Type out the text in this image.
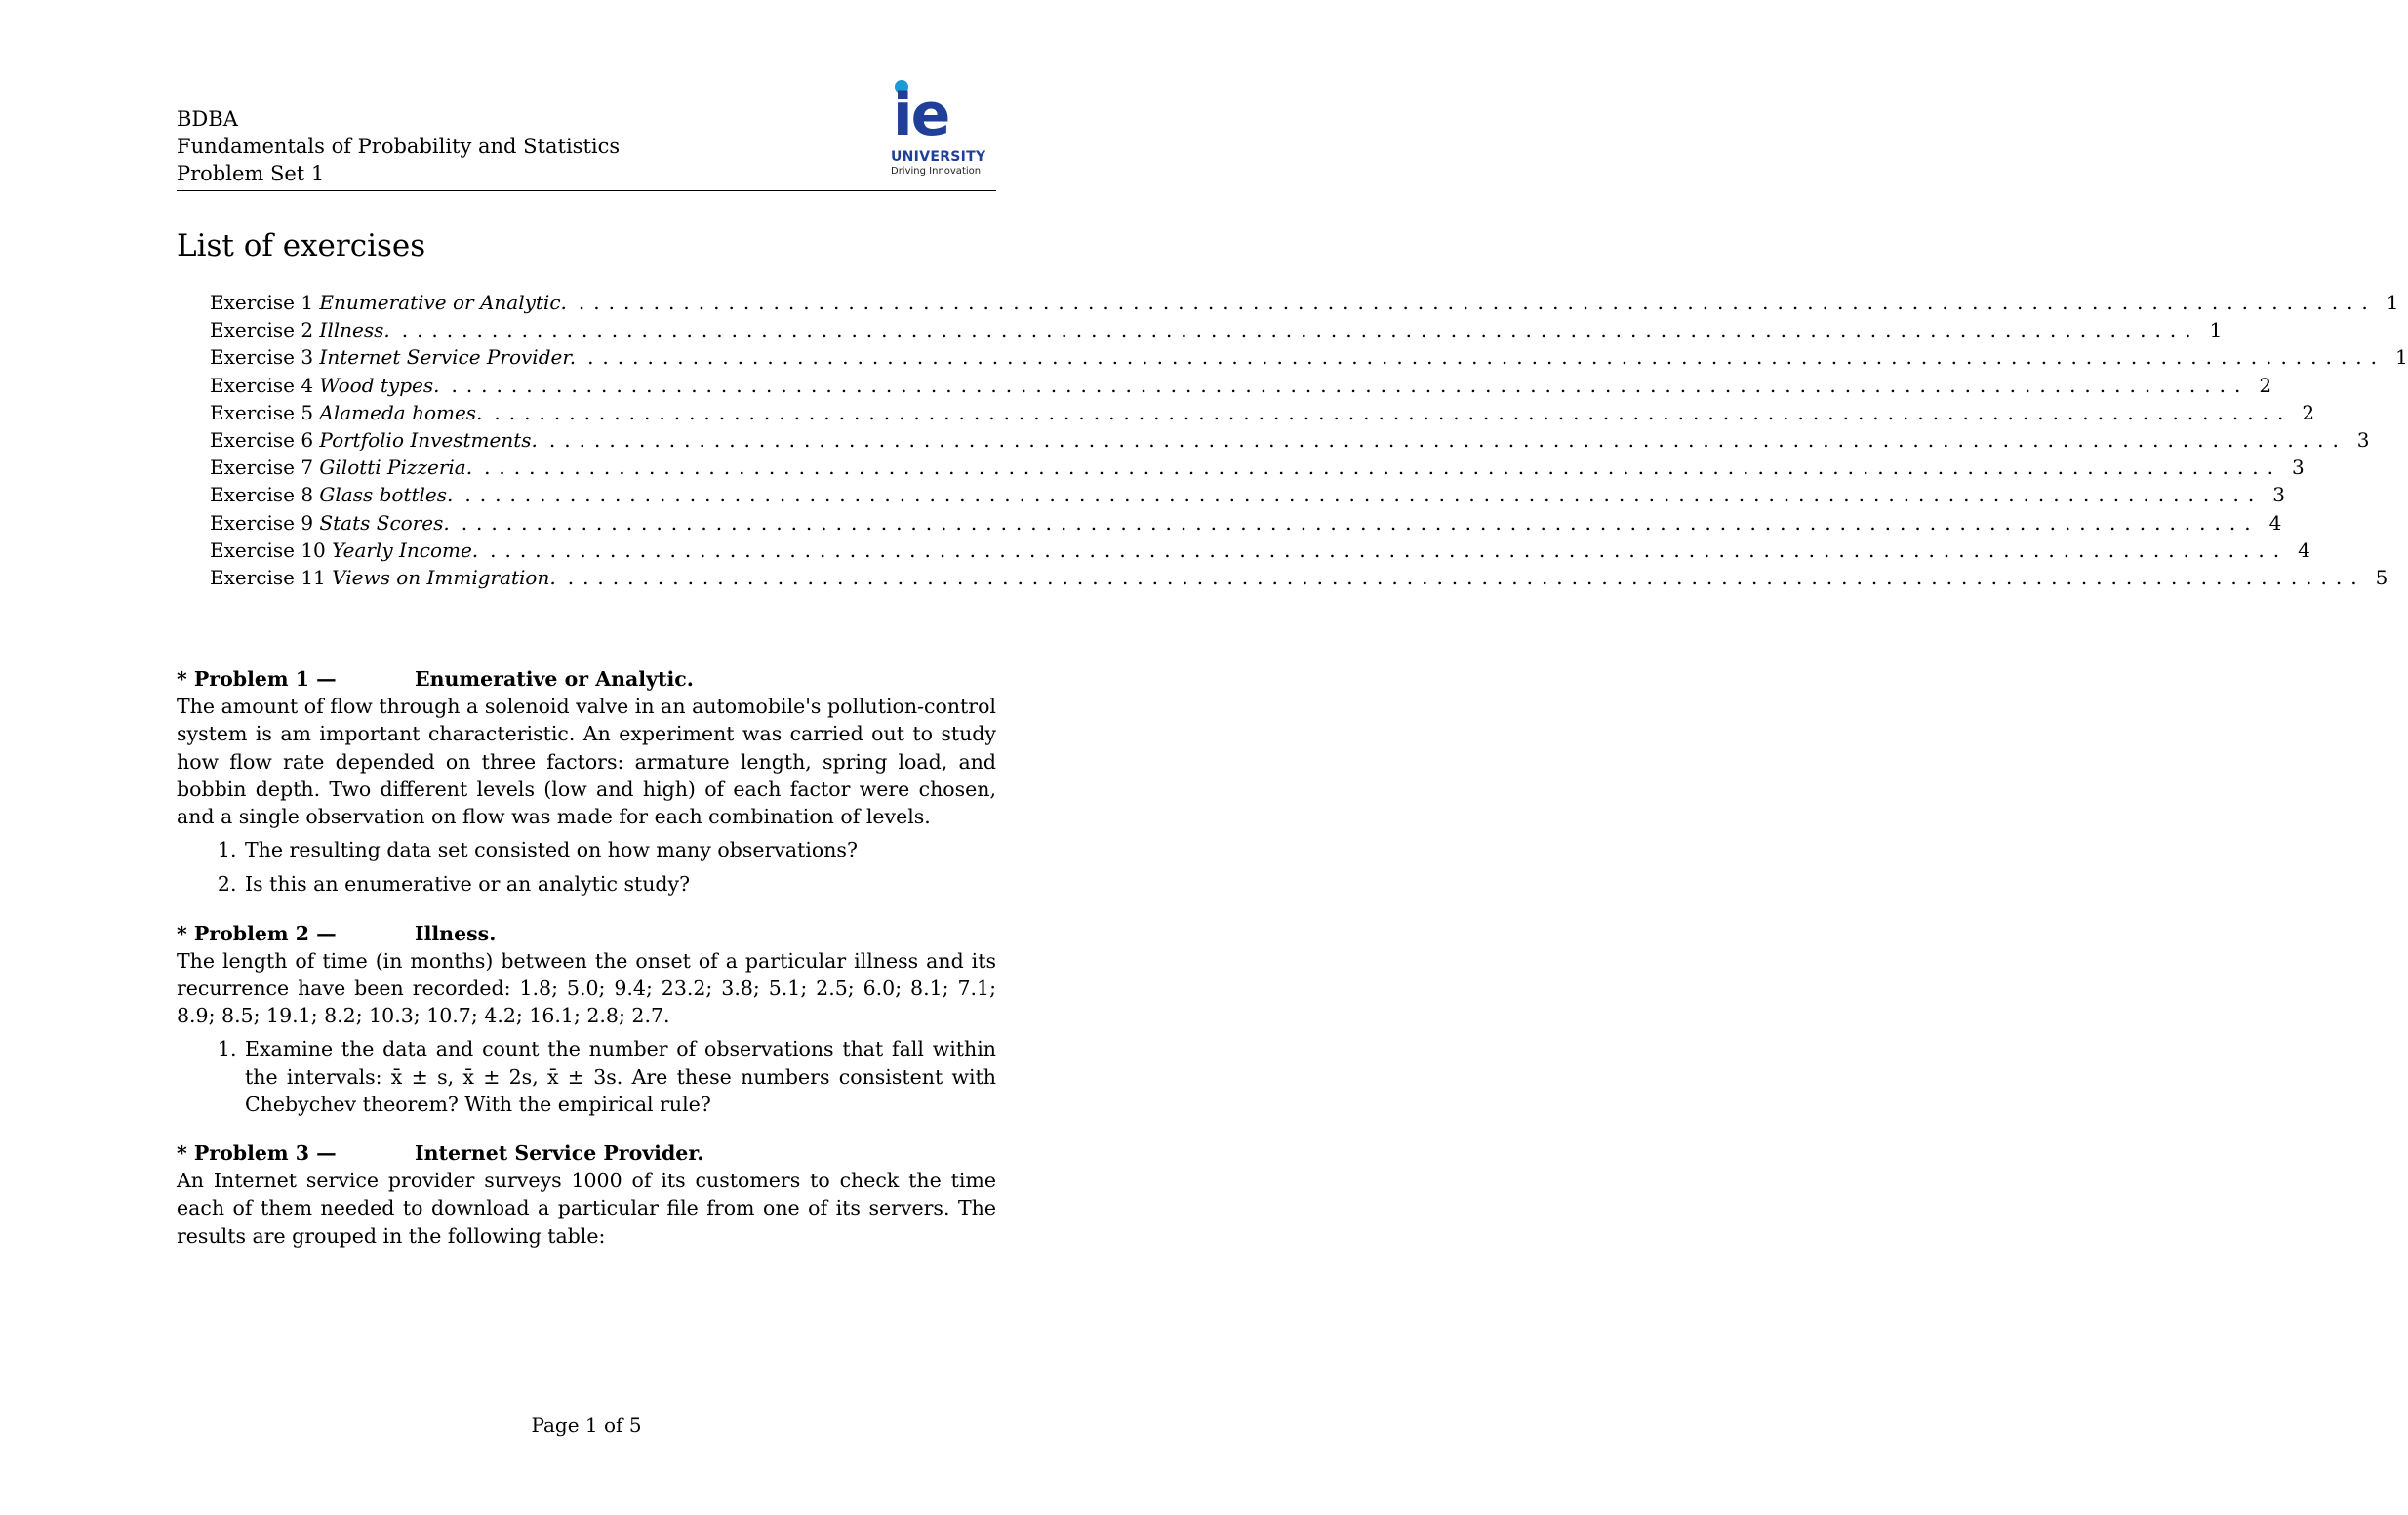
BDBA
Fundamentals of Probability and Statistics
Problem Set 1
ie
UNIVERSITY
Driving Innovation
List of exercises
Exercise 1 Enumerative or Analytic. ........................................................................................................................ 1
Exercise 2 Illness. ........................................................................................................................ 1
Exercise 3 Internet Service Provider. ........................................................................................................................ 1
Exercise 4 Wood types. ........................................................................................................................ 2
Exercise 5 Alameda homes. ........................................................................................................................ 2
Exercise 6 Portfolio Investments. ........................................................................................................................ 3
Exercise 7 Gilotti Pizzeria. ........................................................................................................................ 3
Exercise 8 Glass bottles. ........................................................................................................................ 3
Exercise 9 Stats Scores. ........................................................................................................................ 4
Exercise 10 Yearly Income. ........................................................................................................................ 4
Exercise 11 Views on Immigration. ........................................................................................................................ 5
* Problem 1 —	Enumerative or Analytic.
The amount of flow through a solenoid valve in an automobile's pollution-control system is am important characteristic. An experiment was carried out to study how flow rate depended on three factors: armature length, spring load, and bobbin depth. Two different levels (low and high) of each factor were chosen, and a single observation on flow was made for each combination of levels.
1. The resulting data set consisted on how many observations?
2. Is this an enumerative or an analytic study?
* Problem 2 —	Illness.
The length of time (in months) between the onset of a particular illness and its recurrence have been recorded: 1.8; 5.0; 9.4; 23.2; 3.8; 5.1; 2.5; 6.0; 8.1; 7.1; 8.9; 8.5; 19.1; 8.2; 10.3; 10.7; 4.2; 16.1; 2.8; 2.7.
1. Examine the data and count the number of observations that fall within the intervals: x̄ ± s, x̄ ± 2s, x̄ ± 3s. Are these numbers consistent with Chebychev theorem? With the empirical rule?
* Problem 3 —	Internet Service Provider.
An Internet service provider surveys 1000 of its customers to check the time each of them needed to download a particular file from one of its servers. The results are grouped in the following table:
Page 1 of 5
